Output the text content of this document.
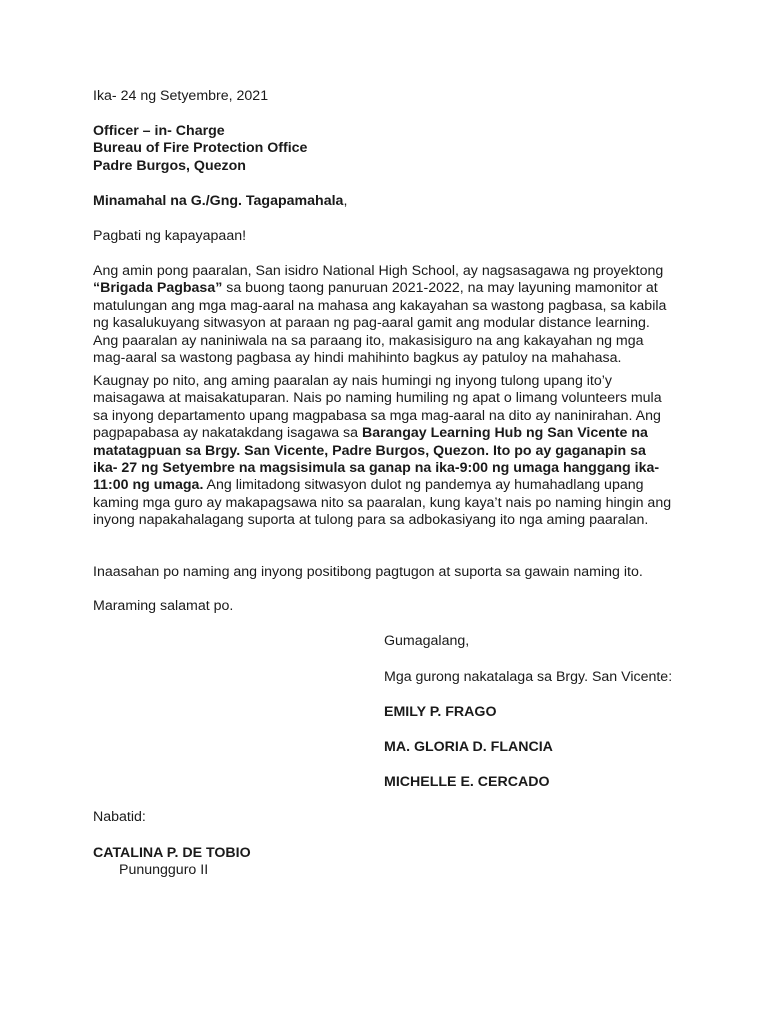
Ika- 24 ng Setyembre, 2021

Officer – in- Charge

Bureau of Fire Protection Office

Padre Burgos, Quezon

Minamahal na G./Gng. Tagapamahala,

Pagbati ng kapayapaan!

Ang amin pong paaralan, San isidro National High School, ay nagsasagawa ng proyektong “Brigada Pagbasa” sa buong taong panuruan 2021-2022, na may layuning mamonitor at matulungan ang mga mag-aaral na mahasa ang kakayahan sa wastong pagbasa, sa kabila ng kasalukuyang sitwasyon at paraan ng pag-aaral gamit ang modular distance learning. Ang paaralan ay naniniwala na sa paraang ito, makasisiguro na ang kakayahan ng mga mag-aaral sa wastong pagbasa ay hindi mahihinto bagkus ay patuloy na mahahasa.

Kaugnay po nito, ang aming paaralan ay nais humingi ng inyong tulong upang ito’y maisagawa at maisakatuparan. Nais po naming humiling ng apat o limang volunteers mula sa inyong departamento upang magpabasa sa mga mag-aaral na dito ay naninirahan. Ang pagpapabasa ay nakatakdang isagawa sa Barangay Learning Hub ng San Vicente na matatagpuan sa Brgy. San Vicente, Padre Burgos, Quezon. Ito po ay gaganapin sa ika- 27 ng Setyembre na magsisimula sa ganap na ika-9:00 ng umaga hanggang ika-11:00 ng umaga. Ang limitadong sitwasyon dulot ng pandemya ay humahadlang upang kaming mga guro ay makapagsawa nito sa paaralan, kung kaya’t nais po naming hingin ang inyong napakahalagang suporta at tulong para sa adbokasiyang ito nga aming paaralan.

Inaasahan po naming ang inyong positibong pagtugon at suporta sa gawain naming ito.

Maraming salamat po.

Gumagalang,

Mga gurong nakatalaga sa Brgy. San Vicente:

EMILY P. FRAGO

MA. GLORIA D. FLANCIA

MICHELLE E. CERCADO

Nabatid:

CATALINA P. DE TOBIO

Punungguro II
